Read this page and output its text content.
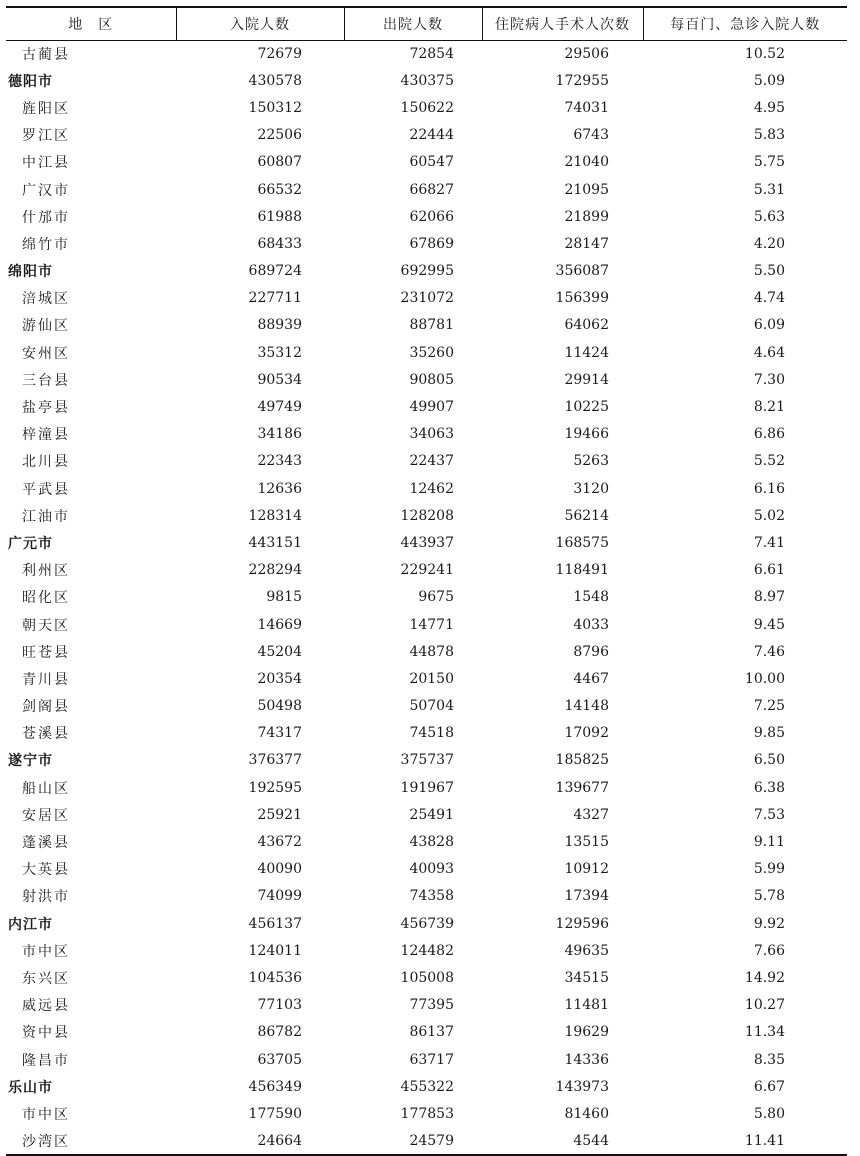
地　区	入院人数	出院人数	住院病人手术人次数	每百门、急诊入院人数
古蔺县	72679	72854	29506	10.52
德阳市	430578	430375	172955	5.09
旌阳区	150312	150622	74031	4.95
罗江区	22506	22444	6743	5.83
中江县	60807	60547	21040	5.75
广汉市	66532	66827	21095	5.31
什邡市	61988	62066	21899	5.63
绵竹市	68433	67869	28147	4.20
绵阳市	689724	692995	356087	5.50
涪城区	227711	231072	156399	4.74
游仙区	88939	88781	64062	6.09
安州区	35312	35260	11424	4.64
三台县	90534	90805	29914	7.30
盐亭县	49749	49907	10225	8.21
梓潼县	34186	34063	19466	6.86
北川县	22343	22437	5263	5.52
平武县	12636	12462	3120	6.16
江油市	128314	128208	56214	5.02
广元市	443151	443937	168575	7.41
利州区	228294	229241	118491	6.61
昭化区	9815	9675	1548	8.97
朝天区	14669	14771	4033	9.45
旺苍县	45204	44878	8796	7.46
青川县	20354	20150	4467	10.00
剑阁县	50498	50704	14148	7.25
苍溪县	74317	74518	17092	9.85
遂宁市	376377	375737	185825	6.50
船山区	192595	191967	139677	6.38
安居区	25921	25491	4327	7.53
蓬溪县	43672	43828	13515	9.11
大英县	40090	40093	10912	5.99
射洪市	74099	74358	17394	5.78
内江市	456137	456739	129596	9.92
市中区	124011	124482	49635	7.66
东兴区	104536	105008	34515	14.92
威远县	77103	77395	11481	10.27
资中县	86782	86137	19629	11.34
隆昌市	63705	63717	14336	8.35
乐山市	456349	455322	143973	6.67
市中区	177590	177853	81460	5.80
沙湾区	24664	24579	4544	11.41
